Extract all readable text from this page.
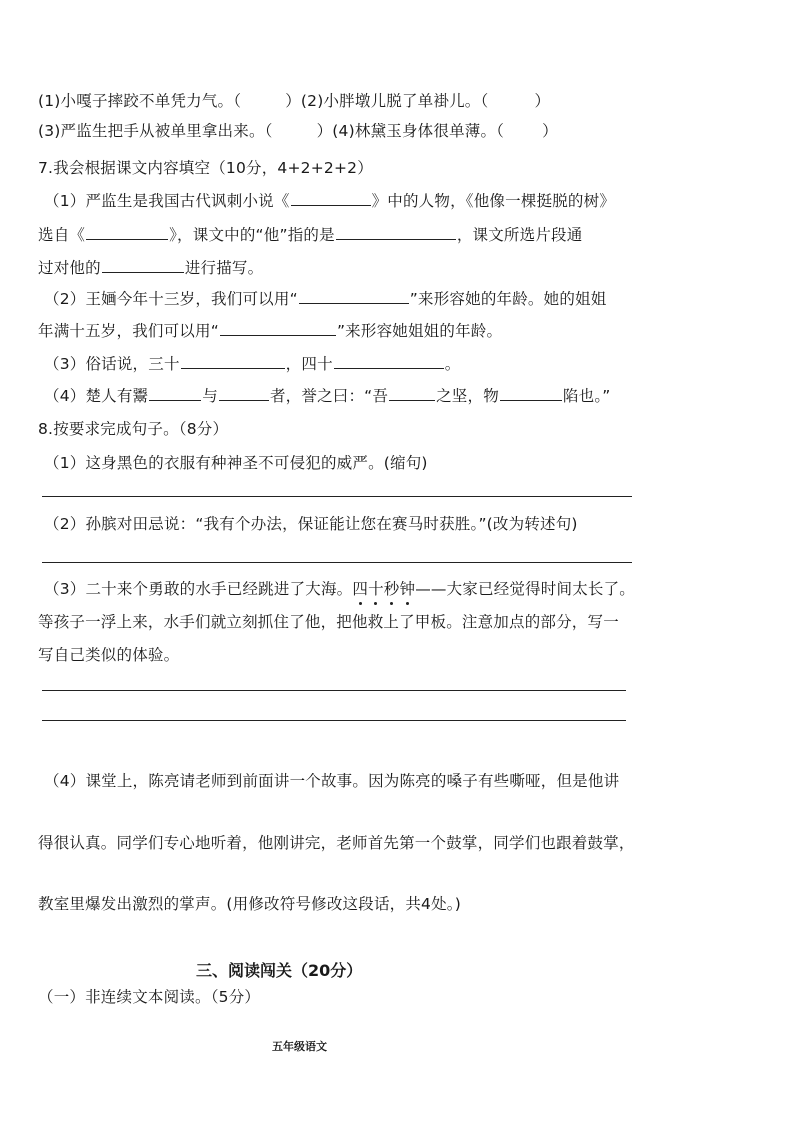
(1)小嘎子摔跤不单凭力气。（	）(2)小胖墩儿脱了单褂儿。（	）
(3)严监生把手从被单里拿出来。（	）(4)林黛玉身体很单薄。（ ）
7.我会根据课文内容填空（10分，4+2+2+2）
（1）严监生是我国古代讽刺小说《	》中的人物，《他像一棵挺脱的树》
选自《	》，课文中的“他”指的是	，课文所选片段通
过对他的	进行描写。
（2）王婳今年十三岁，我们可以用“	”来形容她的年龄。她的姐姐
年满十五岁，我们可以用“	”来形容她姐姐的年龄。
（3）俗话说，三十	，四十	。
（4）楚人有鬻	与	者，誉之曰：“吾	之坚，物	陷也。”
8.按要求完成句子。（8分）
（1）这身黑色的衣服有种神圣不可侵犯的威严。(缩句)
（2）孙膑对田忌说：“我有个办法，保证能让您在赛马时获胜。”(改为转述句)
（3）二十来个勇敢的水手已经跳进了大海。四十秒钟——大家已经觉得时间太长了。
等孩子一浮上来，水手们就立刻抓住了他，把他救上了甲板。注意加点的部分，写一
写自己类似的体验。
（4）课堂上，陈亮请老师到前面讲一个故事。因为陈亮的嗓子有些嘶哑，但是他讲
得很认真。同学们专心地听着，他刚讲完，老师首先第一个鼓掌，同学们也跟着鼓掌，
教室里爆发出激烈的掌声。(用修改符号修改这段话，共4处。)
三、阅读闯关（20分）
（一）非连续文本阅读。（5分）
五年级语文
